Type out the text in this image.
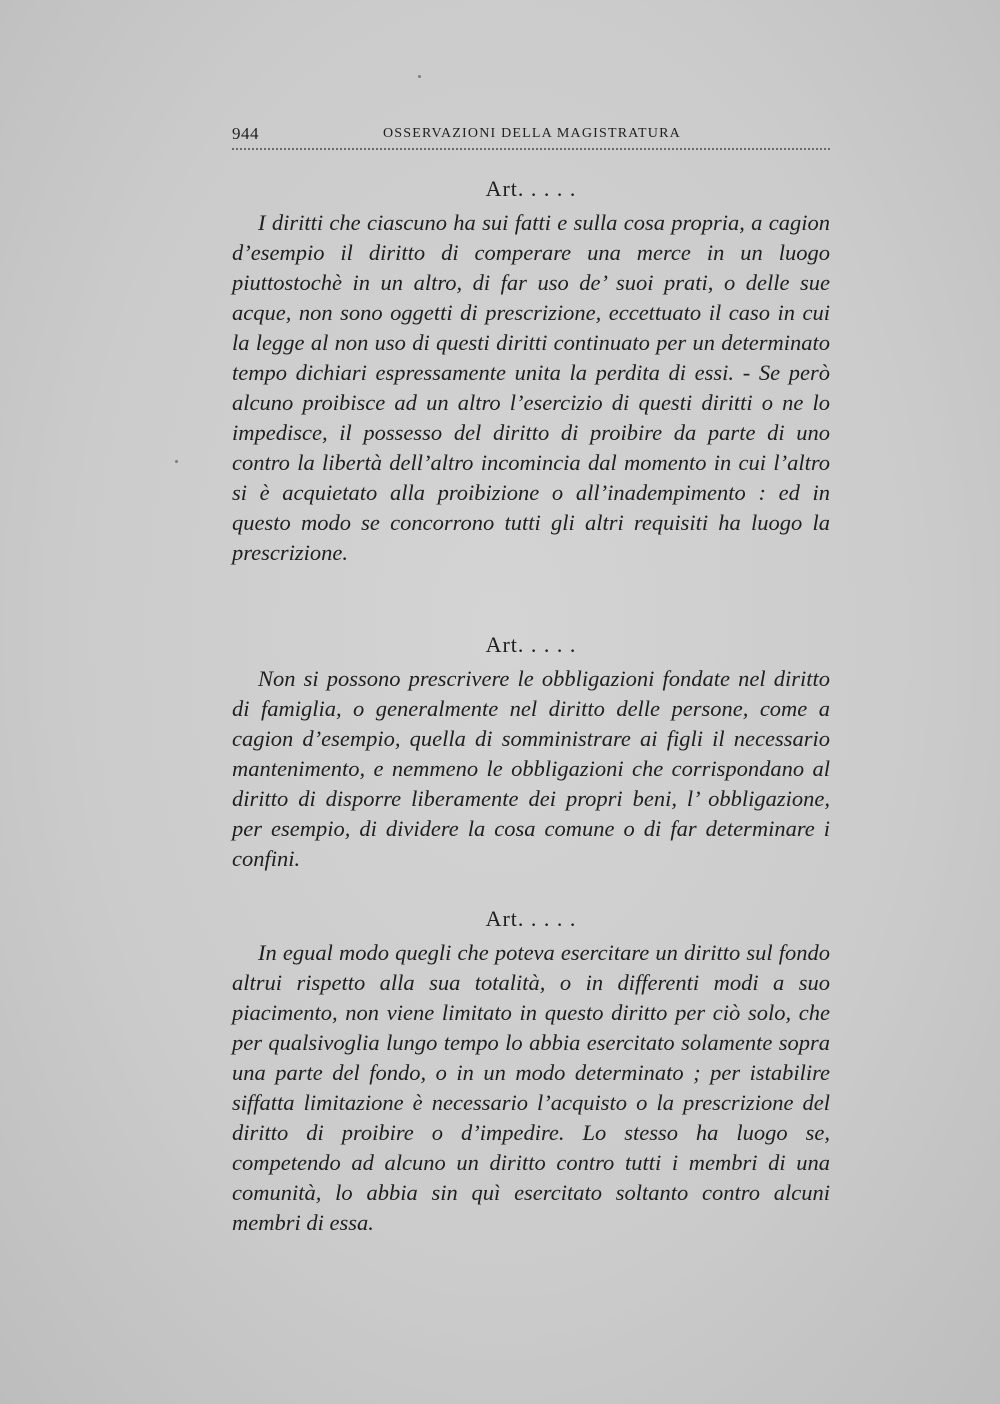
944	OSSERVAZIONI DELLA MAGISTRATURA
Art. . . . .

I diritti che ciascuno ha sui fatti e sulla cosa propria, a cagion d’esempio il diritto di comperare una merce in un luogo piuttostochè in un altro, di far uso de’ suoi prati, o delle sue acque, non sono oggetti di prescrizione, eccettuato il caso in cui la legge al non uso di questi diritti continuato per un determinato tempo dichiari espressamente unita la perdita di essi. - Se però alcuno proibisce ad un altro l’esercizio di questi diritti o ne lo impedisce, il possesso del diritto di proibire da parte di uno contro la libertà dell’altro incomincia dal momento in cui l’altro si è acquietato alla proibizione o all’inadempimento : ed in questo modo se concorrono tutti gli altri requisiti ha luogo la prescrizione.

Art. . . . .

Non si possono prescrivere le obbligazioni fondate nel diritto di famiglia, o generalmente nel diritto delle persone, come a cagion d’esempio, quella di somministrare ai figli il necessario mantenimento, e nemmeno le obbligazioni che corrispondano al diritto di disporre liberamente dei propri beni, l’ obbligazione, per esempio, di dividere la cosa comune o di far determinare i confini.

Art. . . . .

In egual modo quegli che poteva esercitare un diritto sul fondo altrui rispetto alla sua totalità, o in differenti modi a suo piacimento, non viene limitato in questo diritto per ciò solo, che per qualsivoglia lungo tempo lo abbia esercitato solamente sopra una parte del fondo, o in un modo determinato ; per istabilire siffatta limitazione è necessario l’acquisto o la prescrizione del diritto di proibire o d’impedire. Lo stesso ha luogo se, competendo ad alcuno un diritto contro tutti i membri di una comunità, lo abbia sin quì esercitato soltanto contro alcuni membri di essa.
